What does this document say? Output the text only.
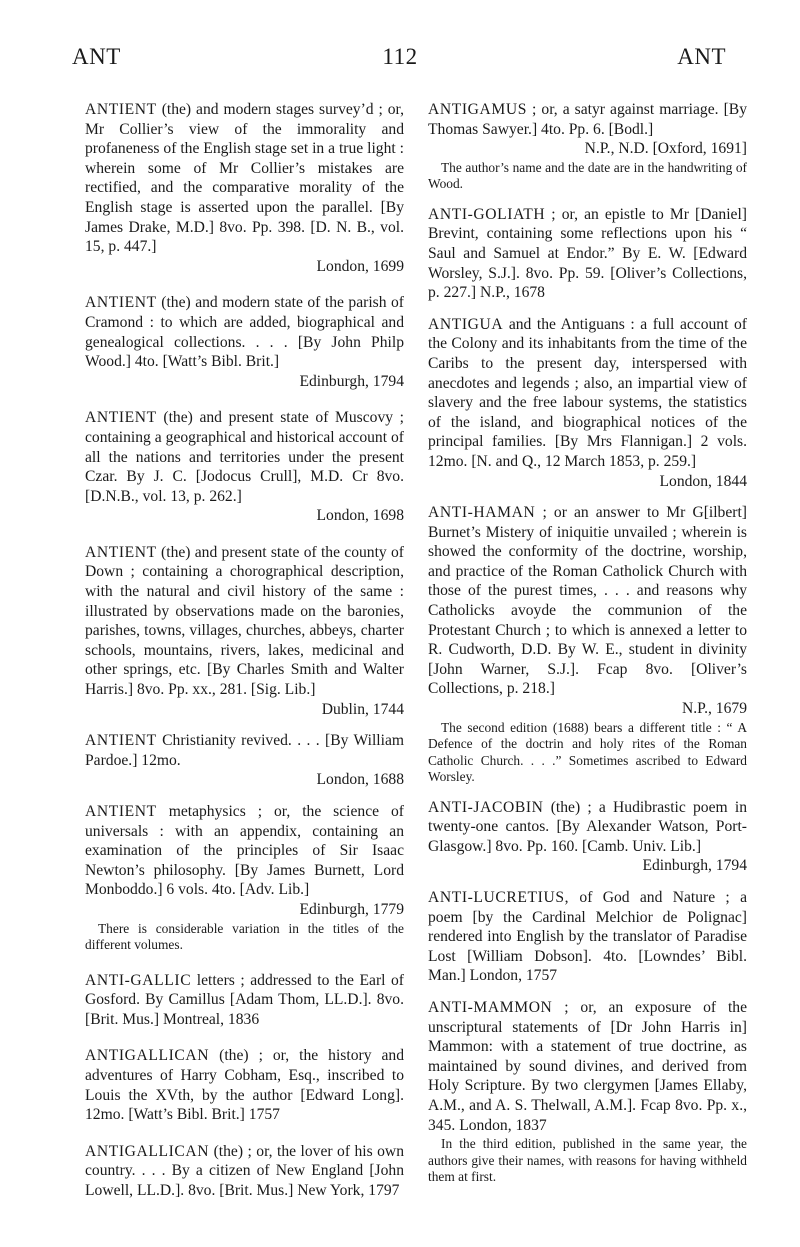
ANT	112	ANT
ANTIENT (the) and modern stages survey’d ; or, Mr Collier’s view of the immorality and profaneness of the English stage set in a true light : wherein some of Mr Collier’s mistakes are rectified, and the comparative morality of the English stage is asserted upon the parallel. [By James Drake, M.D.] 8vo. Pp. 398. [D. N. B., vol. 15, p. 447.]
London, 1699
ANTIENT (the) and modern state of the parish of Cramond : to which are added, biographical and genealogical collections. . . . [By John Philp Wood.] 4to. [Watt’s Bibl. Brit.]
Edinburgh, 1794
ANTIENT (the) and present state of Muscovy ; containing a geographical and historical account of all the nations and territories under the present Czar. By J. C. [Jodocus Crull], M.D. Cr 8vo. [D.N.B., vol. 13, p. 262.]
London, 1698
ANTIENT (the) and present state of the county of Down ; containing a chorographical description, with the natural and civil history of the same : illustrated by observations made on the baronies, parishes, towns, villages, churches, abbeys, charter schools, mountains, rivers, lakes, medicinal and other springs, etc. [By Charles Smith and Walter Harris.] 8vo. Pp. xx., 281. [Sig. Lib.]
Dublin, 1744
ANTIENT Christianity revived. . . . [By William Pardoe.] 12mo.
London, 1688
ANTIENT metaphysics ; or, the science of universals : with an appendix, containing an examination of the principles of Sir Isaac Newton’s philosophy. [By James Burnett, Lord Monboddo.] 6 vols. 4to. [Adv. Lib.]
Edinburgh, 1779
There is considerable variation in the titles of the different volumes.
ANTI-GALLIC letters ; addressed to the Earl of Gosford. By Camillus [Adam Thom, LL.D.]. 8vo. [Brit. Mus.] Montreal, 1836
ANTIGALLICAN (the) ; or, the history and adventures of Harry Cobham, Esq., inscribed to Louis the XVth, by the author [Edward Long]. 12mo. [Watt’s Bibl. Brit.] 1757
ANTIGALLICAN (the) ; or, the lover of his own country. . . . By a citizen of New England [John Lowell, LL.D.]. 8vo. [Brit. Mus.] New York, 1797
ANTIGAMUS ; or, a satyr against marriage. [By Thomas Sawyer.] 4to. Pp. 6. [Bodl.]
N.P., N.D. [Oxford, 1691]
The author’s name and the date are in the handwriting of Wood.
ANTI-GOLIATH ; or, an epistle to Mr [Daniel] Brevint, containing some reflections upon his “ Saul and Samuel at Endor.” By E. W. [Edward Worsley, S.J.]. 8vo. Pp. 59. [Oliver’s Collections, p. 227.] N.P., 1678
ANTIGUA and the Antiguans : a full account of the Colony and its inhabitants from the time of the Caribs to the present day, interspersed with anecdotes and legends ; also, an impartial view of slavery and the free labour systems, the statistics of the island, and biographical notices of the principal families. [By Mrs Flannigan.] 2 vols. 12mo. [N. and Q., 12 March 1853, p. 259.]
London, 1844
ANTI-HAMAN ; or an answer to Mr G[ilbert] Burnet’s Mistery of iniquitie unvailed ; wherein is showed the conformity of the doctrine, worship, and practice of the Roman Catholick Church with those of the purest times, . . . and reasons why Catholicks avoyde the communion of the Protestant Church ; to which is annexed a letter to R. Cudworth, D.D. By W. E., student in divinity [John Warner, S.J.]. Fcap 8vo. [Oliver’s Collections, p. 218.]
N.P., 1679
The second edition (1688) bears a different title : “ A Defence of the doctrin and holy rites of the Roman Catholic Church. . . .” Sometimes ascribed to Edward Worsley.
ANTI-JACOBIN (the) ; a Hudibrastic poem in twenty-one cantos. [By Alexander Watson, Port-Glasgow.] 8vo. Pp. 160. [Camb. Univ. Lib.]
Edinburgh, 1794
ANTI-LUCRETIUS, of God and Nature ; a poem [by the Cardinal Melchior de Polignac] rendered into English by the translator of Paradise Lost [William Dobson]. 4to. [Lowndes’ Bibl. Man.] London, 1757
ANTI-MAMMON ; or, an exposure of the unscriptural statements of [Dr John Harris in] Mammon: with a statement of true doctrine, as maintained by sound divines, and derived from Holy Scripture. By two clergymen [James Ellaby, A.M., and A. S. Thelwall, A.M.]. Fcap 8vo. Pp. x., 345. London, 1837
In the third edition, published in the same year, the authors give their names, with reasons for having withheld them at first.
